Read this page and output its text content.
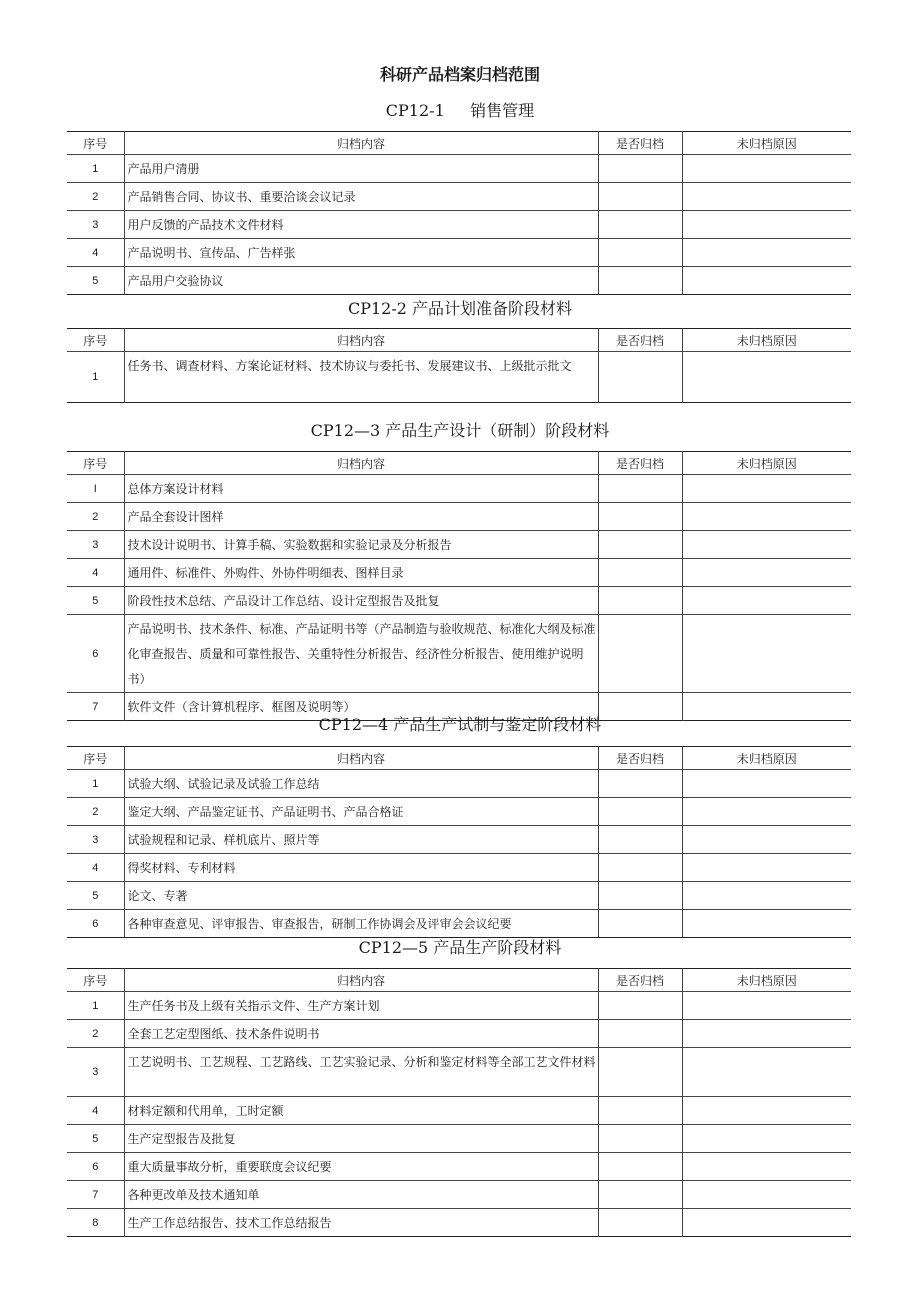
科研产品档案归档范围
CP12-1     销售管理
序号	归档内容	是否归档	未归档原因
1	产品用户清册		
2	产品销售合同、协议书、重要洽谈会议记录		
3	用户反馈的产品技术文件材料		
4	产品说明书、宣传品、广告样张		
5	产品用户交验协议		
CP12-2 产品计划准备阶段材料
序号	归档内容	是否归档	未归档原因
1	任务书、调查材料、方案论证材料、技术协议与委托书、发展建议书、上级批示批文		
CP12—3 产品生产设计（研制）阶段材料
序号	归档内容	是否归档	未归档原因
I	总体方案设计材料		
2	产品全套设计图样		
3	技术设计说明书、计算手稿、实验数据和实验记录及分析报告		
4	通用件、标准件、外购件、外协件明细表、图样目录		
5	阶段性技术总结、产品设计工作总结、设计定型报告及批复		
6	产品说明书、技术条件、标准、产品证明书等（产品制造与验收规范、标准化大纲及标准化审查报告、质量和可靠性报告、关重特性分析报告、经济性分析报告、使用维护说明书）		
7	软件文件（含计算机程序、框图及说明等）		
CP12—4 产品生产试制与鉴定阶段材料
序号	归档内容	是否归档	未归档原因
1	试验大纲、试验记录及试验工作总结		
2	鉴定大纲、产品鉴定证书、产品证明书、产品合格证		
3	试验规程和记录、样机底片、照片等		
4	得奖材料、专利材料		
5	论文、专著		
6	各种审查意见、评审报告、审查报告，研制工作协调会及评审会会议纪要		
CP12—5 产品生产阶段材料
序号	归档内容	是否归档	未归档原因
1	生产任务书及上级有关指示文件、生产方案计划		
2	全套工艺定型图纸、技术条件说明书		
3	工艺说明书、工艺规程、工艺路线、工艺实验记录、分析和鉴定材料等全部工艺文件材料		
4	材料定额和代用单，工时定额		
5	生产定型报告及批复		
6	重大质量事故分析，重要联度会议纪要		
7	各种更改单及技术通知单		
8	生产工作总结报告、技术工作总结报告		
